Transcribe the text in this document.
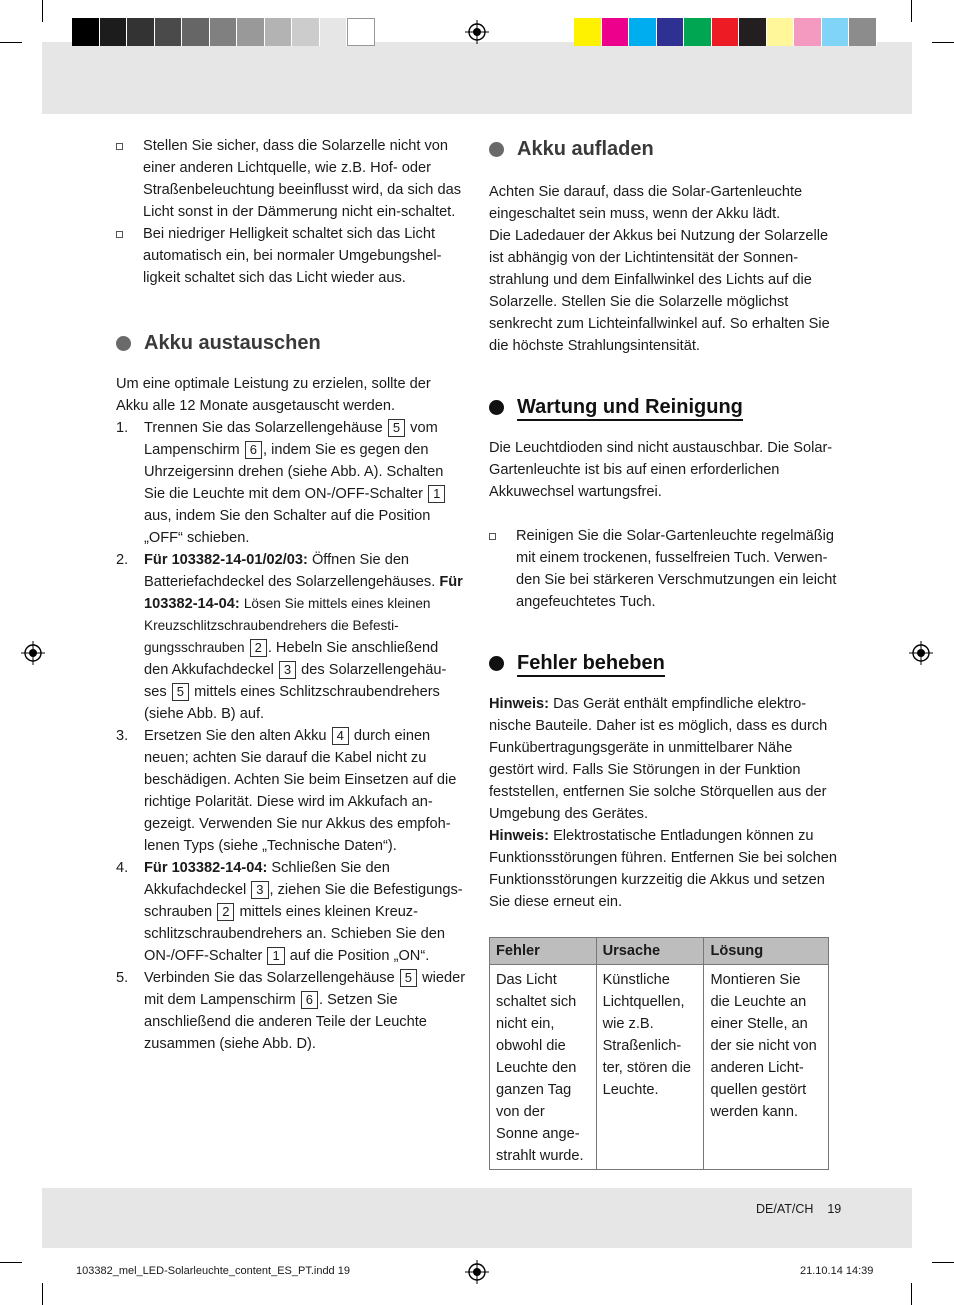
Stellen Sie sicher, dass die Solarzelle nicht von einer anderen Lichtquelle, wie z.B. Hof- oder Straßenbeleuchtung beeinflusst wird, da sich das Licht sonst in der Dämmerung nicht ein-schaltet.
Bei niedriger Helligkeit schaltet sich das Licht automatisch ein, bei normaler Umgebungshel-ligkeit schaltet sich das Licht wieder aus.
Akku austauschen

Um eine optimale Leistung zu erzielen, sollte der Akku alle 12 Monate ausgetauscht werden.

1. Trennen Sie das Solarzellengehäuse 5 vom Lampenschirm 6 , indem Sie es gegen den Uhrzeigersinn drehen (siehe Abb. A). Schalten Sie die Leuchte mit dem ON-/OFF-Schalter 1 aus, indem Sie den Schalter auf die Position „OFF“ schieben.
2. Für 103382-14-01/02/03: Öffnen Sie den Batteriefachdeckel des Solarzellengehäuses. Für 103382-14-04: Lösen Sie mittels eines kleinen Kreuzschlitzschraubendrehers die Befesti-gungsschrauben 2 . Hebeln Sie anschließend den Akkufachdeckel 3 des Solarzellengehäu-ses 5 mittels eines Schlitzschraubendrehers (siehe Abb. B) auf.
3. Ersetzen Sie den alten Akku 4 durch einen neuen; achten Sie darauf die Kabel nicht zu beschädigen. Achten Sie beim Einsetzen auf die richtige Polarität. Diese wird im Akkufach an-gezeigt. Verwenden Sie nur Akkus des empfoh-lenen Typs (siehe „Technische Daten“).
4. Für 103382-14-04: Schließen Sie den Akkufachdeckel 3 , ziehen Sie die Befestigungs-schrauben 2 mittels eines kleinen Kreuz-schlitzschraubendrehers an. Schieben Sie den ON-/OFF-Schalter 1 auf die Position „ON“.
5. Verbinden Sie das Solarzellengehäuse 5 wieder mit dem Lampenschirm 6 . Setzen Sie anschließend die anderen Teile der Leuchte zusammen (siehe Abb. D).
Akku aufladen

Achten Sie darauf, dass die Solar-Gartenleuchte eingeschaltet sein muss, wenn der Akku lädt.

Die Ladedauer der Akkus bei Nutzung der Solarzelle ist abhängig von der Lichtintensität der Sonnen-strahlung und dem Einfallwinkel des Lichts auf die Solarzelle. Stellen Sie die Solarzelle möglichst senkrecht zum Lichteinfallwinkel auf. So erhalten Sie die höchste Strahlungsintensität.

Wartung und Reinigung

Die Leuchtdioden sind nicht austauschbar. Die Solar-Gartenleuchte ist bis auf einen erforderlichen Akkuwechsel wartungsfrei.

Reinigen Sie die Solar-Gartenleuchte regelmäßig mit einem trockenen, fusselfreien Tuch. Verwen-den Sie bei stärkeren Verschmutzungen ein leicht angefeuchtetes Tuch.
Fehler beheben

Hinweis: Das Gerät enthält empfindliche elektro-nische Bauteile. Daher ist es möglich, dass es durch Funkübertragungsgeräte in unmittelbarer Nähe gestört wird. Falls Sie Störungen in der Funktion feststellen, entfernen Sie solche Störquellen aus der Umgebung des Gerätes.

Hinweis: Elektrostatische Entladungen können zu Funktionsstörungen führen. Entfernen Sie bei solchen Funktionsstörungen kurzzeitig die Akkus und setzen Sie diese erneut ein.

Fehler	Ursache	Lösung
Das Licht schaltet sich nicht ein, obwohl die Leuchte den ganzen Tag von der Sonne ange-strahlt wurde.	Künstliche Lichtquellen, wie z.B. Straßenlich-ter, stören die Leuchte.	Montieren Sie die Leuchte an einer Stelle, an der sie nicht von anderen Licht-quellen gestört werden kann.
DE/AT/CH 19
103382_mel_LED-Solarleuchte_content_ES_PT.indd 19	21.10.14 14:39
